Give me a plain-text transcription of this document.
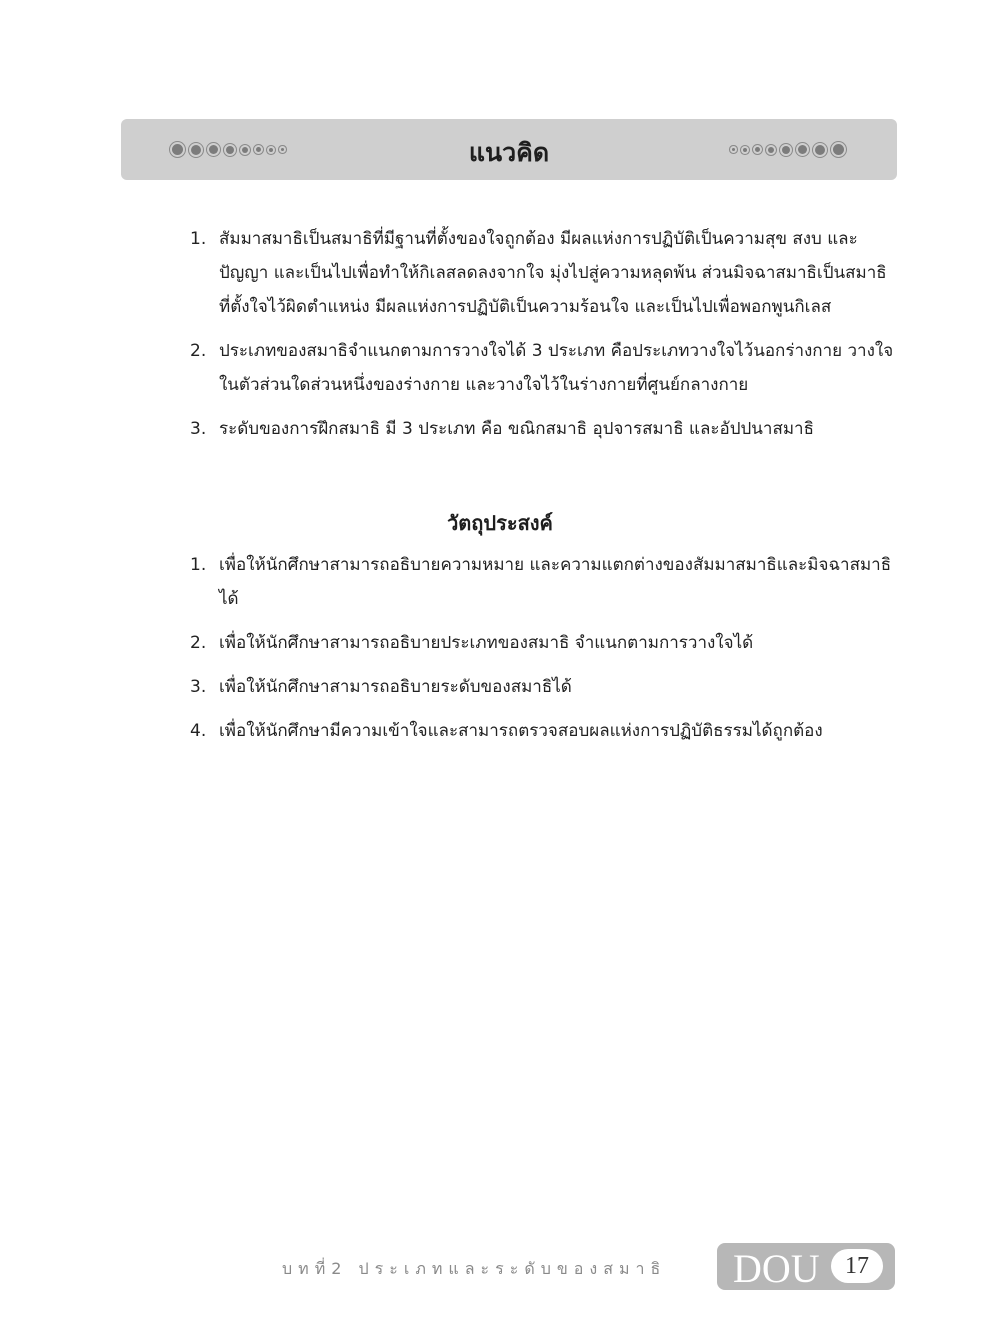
แนวคิด
1. สัมมาสมาธิเป็นสมาธิที่มีฐานที่ตั้งของใจถูกต้อง มีผลแห่งการปฏิบัติเป็นความสุข สงบ และปัญญา และเป็นไปเพื่อทำให้กิเลสลดลงจากใจ มุ่งไปสู่ความหลุดพ้น ส่วนมิจฉาสมาธิเป็นสมาธิที่ตั้งใจไว้ผิดตำแหน่ง มีผลแห่งการปฏิบัติเป็นความร้อนใจ และเป็นไปเพื่อพอกพูนกิเลส
2. ประเภทของสมาธิจำแนกตามการวางใจได้ 3 ประเภท คือประเภทวางใจไว้นอกร่างกาย วางใจในตัวส่วนใดส่วนหนึ่งของร่างกาย และวางใจไว้ในร่างกายที่ศูนย์กลางกาย
3. ระดับของการฝึกสมาธิ มี 3 ประเภท คือ ขณิกสมาธิ อุปจารสมาธิ และอัปปนาสมาธิ
วัตถุประสงค์
1. เพื่อให้นักศึกษาสามารถอธิบายความหมาย และความแตกต่างของสัมมาสมาธิและมิจฉาสมาธิได้
2. เพื่อให้นักศึกษาสามารถอธิบายประเภทของสมาธิ จำแนกตามการวางใจได้
3. เพื่อให้นักศึกษาสามารถอธิบายระดับของสมาธิได้
4. เพื่อให้นักศึกษามีความเข้าใจและสามารถตรวจสอบผลแห่งการปฏิบัติธรรมได้ถูกต้อง
บทที่2 ประเภทและระดับของสมาธิ DOU	17
